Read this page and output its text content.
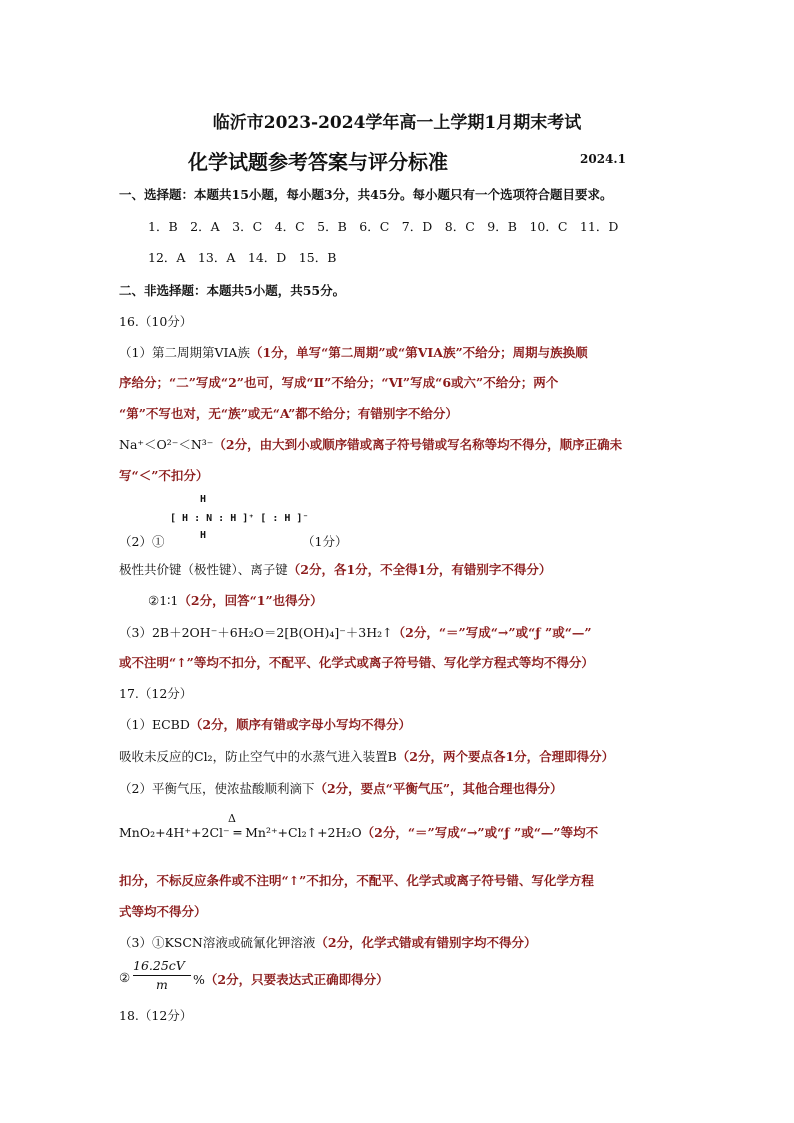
临沂市2023-2024学年高一上学期1月期末考试
化学试题参考答案与评分标准	2024.1
一、选择题：本题共15小题，每小题3分，共45分。每小题只有一个选项符合题目要求。
1．B　2．A　3．C　4．C　5．B　6．C　7．D　8．C　9．B　10．C　11．D
12．A　13．A　14．D　15．B
二、非选择题：本题共5小题，共55分。
16.（10分）
（1）第二周期第VIA族（1分，单写“第二周期”或“第VIA族”不给分；周期与族换顺
序给分；“二”写成“2”也可，写成“Ⅱ”不给分；“Ⅵ”写成“6或六”不给分；两个
“第”不写也对，无“族”或无“A”都不给分；有错别字不给分）
Na⁺＜O²⁻＜N³⁻（2分，由大到小或顺序错或离子符号错或写名称等均不得分，顺序正确未
写“＜”不扣分）
H
[ H : N : H ]⁺ [ : H ]⁻
H
（2）①	（1分）
极性共价键（极性键）、离子键（2分，各1分，不全得1分，有错别字不得分）
②1∶1（2分，回答“1”也得分）
（3）2B＋2OH⁻＋6H₂O＝2[B(OH)₄]⁻＋3H₂↑（2分，“＝”写成“→”或“ƒ ”或“—”
或不注明“↑”等均不扣分，不配平、化学式或离子符号错、写化学方程式等均不得分）
17.（12分）
（1）ECBD（2分，顺序有错或字母小写均不得分）
吸收未反应的Cl₂，防止空气中的水蒸气进入装置B（2分，两个要点各1分，合理即得分）
（2）平衡气压，使浓盐酸顺利滴下（2分，要点“平衡气压”，其他合理也得分）
Δ
MnO₂+4H⁺+2Cl⁻ ═ Mn²⁺+Cl₂↑+2H₂O（2分，“＝”写成“→”或“ƒ ”或“—”等均不
扣分，不标反应条件或不注明“↑”不扣分，不配平、化学式或离子符号错、写化学方程
式等均不得分）
（3）①KSCN溶液或硫氰化钾溶液（2分，化学式错或有错别字均不得分）
②
16.25cV
m %（2分，只要表达式正确即得分）
18.（12分）
